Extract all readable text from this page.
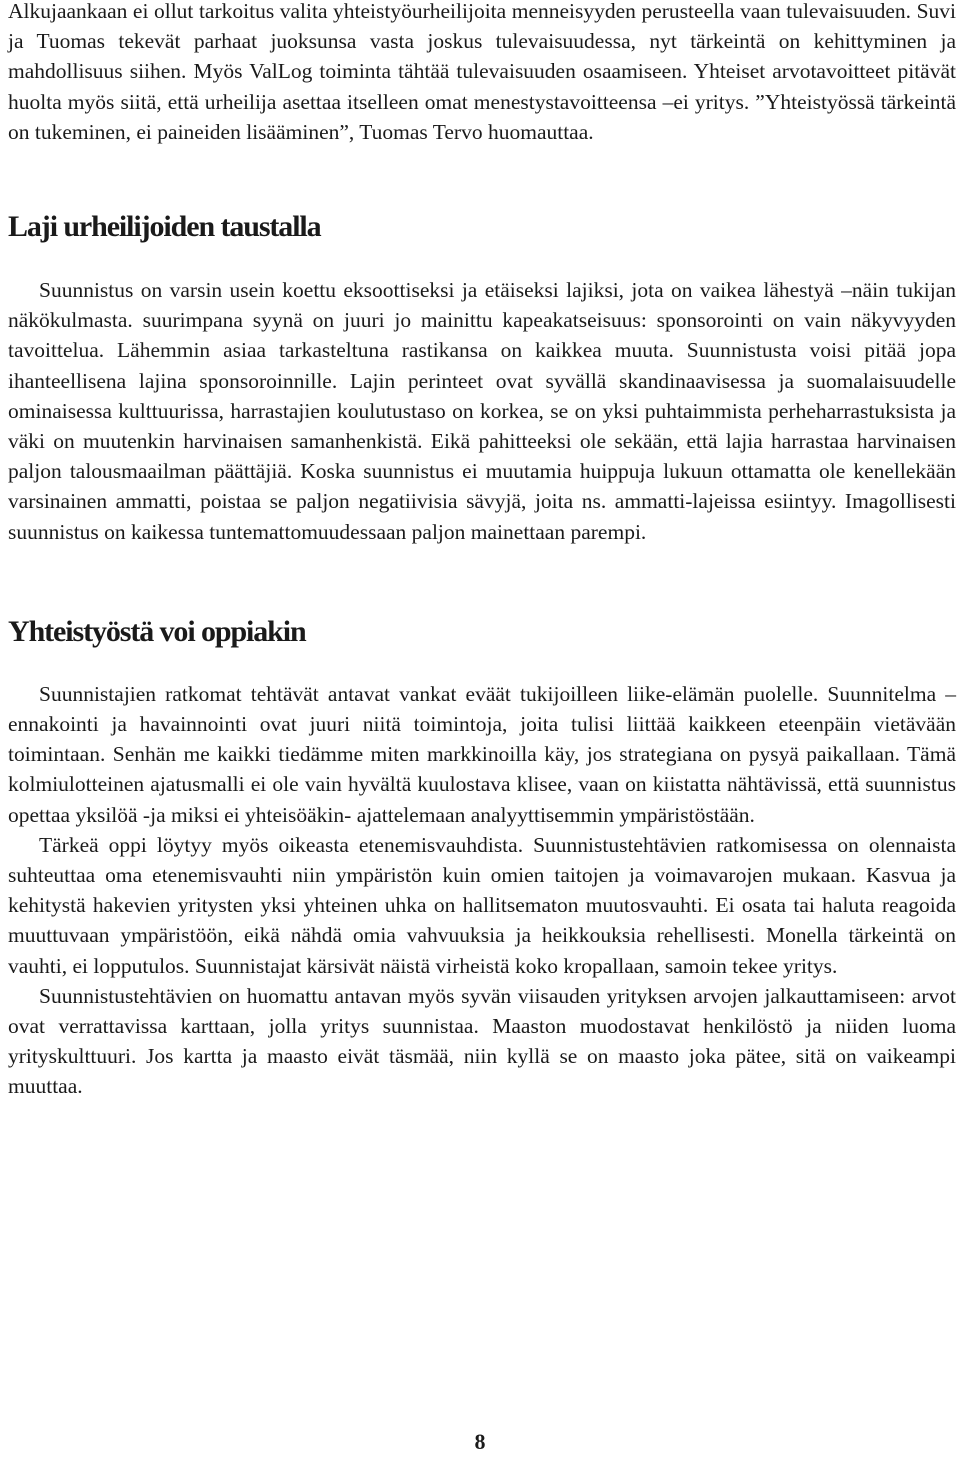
Alkujaankaan ei ollut tarkoitus valita yhteistyöurheilijoita menneisyyden perusteella vaan tulevaisuuden. Suvi ja Tuomas tekevät parhaat juoksunsa vasta joskus tulevaisuudessa, nyt tärkeintä on kehittyminen ja mahdollisuus siihen. Myös ValLog toiminta tähtää tulevaisuuden osaamiseen. Yhteiset arvotavoitteet pitävät huolta myös siitä, että urheilija asettaa itselleen omat menestystavoitteensa –ei yritys. ”Yhteistyössä tärkeintä on tukeminen, ei paineiden lisääminen”, Tuomas Tervo huomauttaa.

Laji urheilijoiden taustalla

Suunnistus on varsin usein koettu eksoottiseksi ja etäiseksi lajiksi, jota on vaikea lähestyä –näin tukijan näkökulmasta. suurimpana syynä on juuri jo mainittu kapeakatseisuus: sponsorointi on vain näkyvyyden tavoittelua. Lähemmin asiaa tarkasteltuna rastikansa on kaikkea muuta. Suunnistusta voisi pitää jopa ihanteellisena lajina sponsoroinnille. Lajin perinteet ovat syvällä skandinaavisessa ja suomalaisuudelle ominaisessa kulttuurissa, harrastajien koulutustaso on korkea, se on yksi puhtaimmista perheharrastuksista ja väki on muutenkin harvinaisen samanhenkistä. Eikä pahitteeksi ole sekään, että lajia harrastaa harvinaisen paljon talousmaailman päättäjiä. Koska suunnistus ei muutamia huippuja lukuun ottamatta ole kenellekään varsinainen ammatti, poistaa se paljon negatiivisia sävyjä, joita ns. ammatti-lajeissa esiintyy. Imagollisesti suunnistus on kaikessa tuntemattomuudessaan paljon mainettaan parempi.

Yhteistyöstä voi oppiakin

Suunnistajien ratkomat tehtävät antavat vankat eväät tukijoilleen liike-elämän puolelle. Suunnitelma – ennakointi ja havainnointi ovat juuri niitä toimintoja, joita tulisi liittää kaikkeen eteenpäin vietävään toimintaan. Senhän me kaikki tiedämme miten markkinoilla käy, jos strategiana on pysyä paikallaan. Tämä kolmiulotteinen ajatusmalli ei ole vain hyvältä kuulostava klisee, vaan on kiistatta nähtävissä, että suunnistus opettaa yksilöä -ja miksi ei yhteisöäkin- ajattelemaan analyyttisemmin ympäristöstään.

Tärkeä oppi löytyy myös oikeasta etenemisvauhdista. Suunnistustehtävien ratkomisessa on olennaista suhteuttaa oma etenemisvauhti niin ympäristön kuin omien taitojen ja voimavarojen mukaan. Kasvua ja kehitystä hakevien yritysten yksi yhteinen uhka on hallitsematon muutosvauhti. Ei osata tai haluta reagoida muuttuvaan ympäristöön, eikä nähdä omia vahvuuksia ja heikkouksia rehellisesti. Monella tärkeintä on vauhti, ei lopputulos. Suunnistajat kärsivät näistä virheistä koko kropallaan, samoin tekee yritys.

Suunnistustehtävien on huomattu antavan myös syvän viisauden yrityksen arvojen jalkauttamiseen: arvot ovat verrattavissa karttaan, jolla yritys suunnistaa. Maaston muodostavat henkilöstö ja niiden luoma yrityskulttuuri. Jos kartta ja maasto eivät täsmää, niin kyllä se on maasto joka pätee, sitä on vaikeampi muuttaa.

8
